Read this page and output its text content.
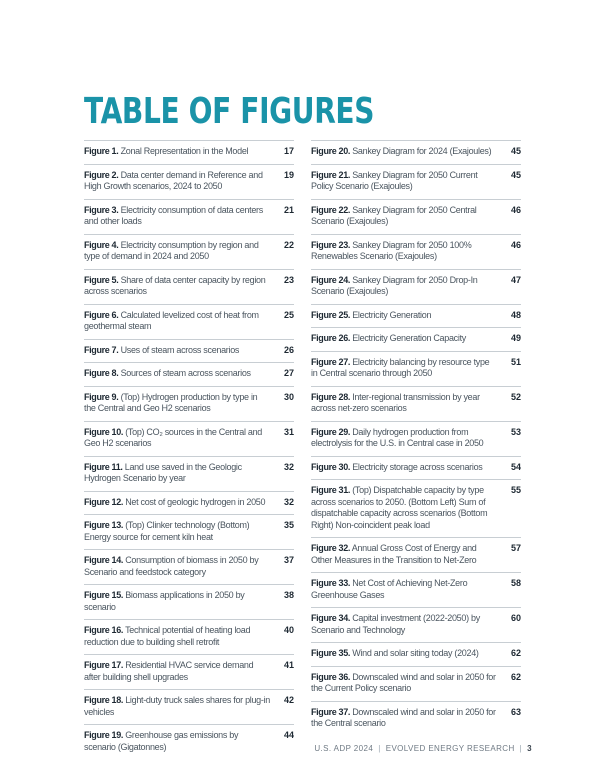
TABLE OF FIGURES
Figure 1. Zonal Representation in the Model	17
Figure 2. Data center demand in Reference and High Growth scenarios, 2024 to 2050
19
Figure 3. Electricity consumption of data centers and other loads
21
Figure 4. Electricity consumption by region and type of demand in 2024 and 2050
22
Figure 5. Share of data center capacity by region across scenarios
23
Figure 6. Calculated levelized cost of heat from geothermal steam
25
Figure 7. Uses of steam across scenarios	26
Figure 8. Sources of steam across scenarios	27
Figure 9. (Top) Hydrogen production by type in the Central and Geo H2 scenarios
30
Figure 10. (Top) CO₂ sources in the Central and Geo H2 scenarios
31
Figure 11. Land use saved in the Geologic Hydrogen Scenario by year
32
Figure 12. Net cost of geologic hydrogen in 2050	32
Figure 13. (Top) Clinker technology (Bottom) Energy source for cement kiln heat
35
Figure 14. Consumption of biomass in 2050 by Scenario and feedstock category
37
Figure 15. Biomass applications in 2050 by scenario
38
Figure 16. Technical potential of heating load reduction due to building shell retrofit
40
Figure 17. Residential HVAC service demand after building shell upgrades
41
Figure 18. Light-duty truck sales shares for plug-in vehicles
42
Figure 19. Greenhouse gas emissions by scenario (Gigatonnes)
44
Figure 20. Sankey Diagram for 2024 (Exajoules)	45
Figure 21. Sankey Diagram for 2050 Current Policy Scenario (Exajoules)
45
Figure 22. Sankey Diagram for 2050 Central Scenario (Exajoules)
46
Figure 23. Sankey Diagram for 2050 100% Renewables Scenario (Exajoules)
46
Figure 24. Sankey Diagram for 2050 Drop-In Scenario (Exajoules)
47
Figure 25. Electricity Generation	48
Figure 26. Electricity Generation Capacity	49
Figure 27. Electricity balancing by resource type in Central scenario through 2050
51
Figure 28. Inter-regional transmission by year across net-zero scenarios
52
Figure 29. Daily hydrogen production from electrolysis for the U.S. in Central case in 2050
53
Figure 30. Electricity storage across scenarios	54
Figure 31. (Top) Dispatchable capacity by type across scenarios to 2050. (Bottom Left) Sum of dispatchable capacity across scenarios (Bottom Right) Non-coincident peak load
55
Figure 32. Annual Gross Cost of Energy and Other Measures in the Transition to Net-Zero
57
Figure 33. Net Cost of Achieving Net-Zero Greenhouse Gases
58
Figure 34. Capital investment (2022-2050) by Scenario and Technology
60
Figure 35. Wind and solar siting today (2024)	62
Figure 36. Downscaled wind and solar in 2050 for the Current Policy scenario
62
Figure 37. Downscaled wind and solar in 2050 for the Central scenario
63
U.S. ADP 2024 | EVOLVED ENERGY RESEARCH | 3
